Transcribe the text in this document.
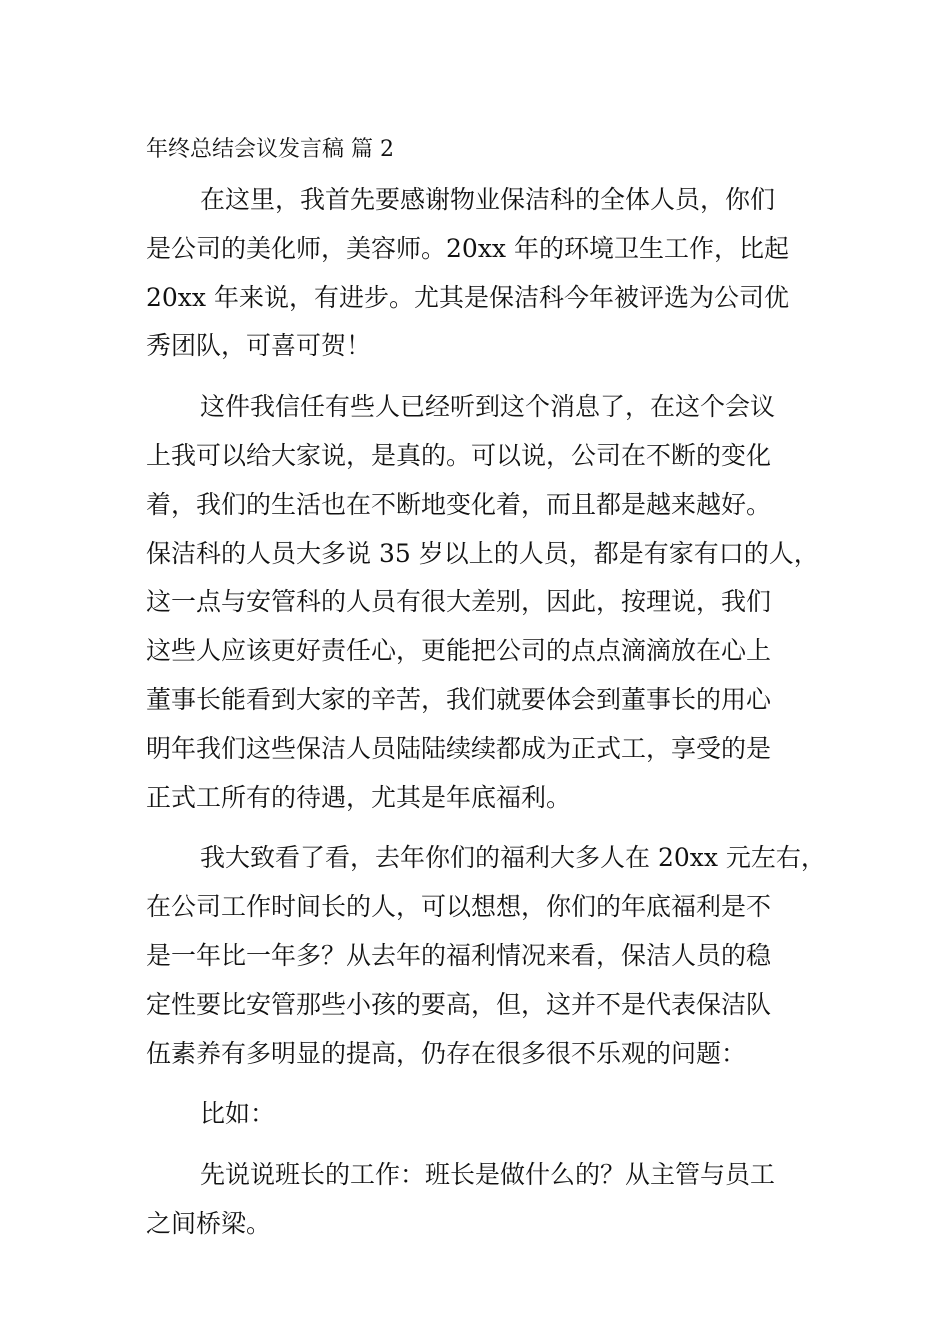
年终总结会议发言稿 篇 2

在这里，我首先要感谢物业保洁科的全体人员，你们
是公司的美化师，美容师。20xx 年的环境卫生工作，比起
20xx 年来说，有进步。尤其是保洁科今年被评选为公司优
秀团队，可喜可贺！

这件我信任有些人已经听到这个消息了，在这个会议
上我可以给大家说，是真的。可以说，公司在不断的变化
着，我们的生活也在不断地变化着，而且都是越来越好。
保洁科的人员大多说 35 岁以上的人员，都是有家有口的人，
这一点与安管科的人员有很大差别，因此，按理说，我们
这些人应该更好责任心，更能把公司的点点滴滴放在心上
董事长能看到大家的辛苦，我们就要体会到董事长的用心
明年我们这些保洁人员陆陆续续都成为正式工，享受的是
正式工所有的待遇，尤其是年底福利。

我大致看了看，去年你们的福利大多人在 20xx 元左右，
在公司工作时间长的人，可以想想，你们的年底福利是不
是一年比一年多？从去年的福利情况来看，保洁人员的稳
定性要比安管那些小孩的要高，但，这并不是代表保洁队
伍素养有多明显的提高，仍存在很多很不乐观的问题：

比如：

先说说班长的工作：班长是做什么的？从主管与员工
之间桥梁。
